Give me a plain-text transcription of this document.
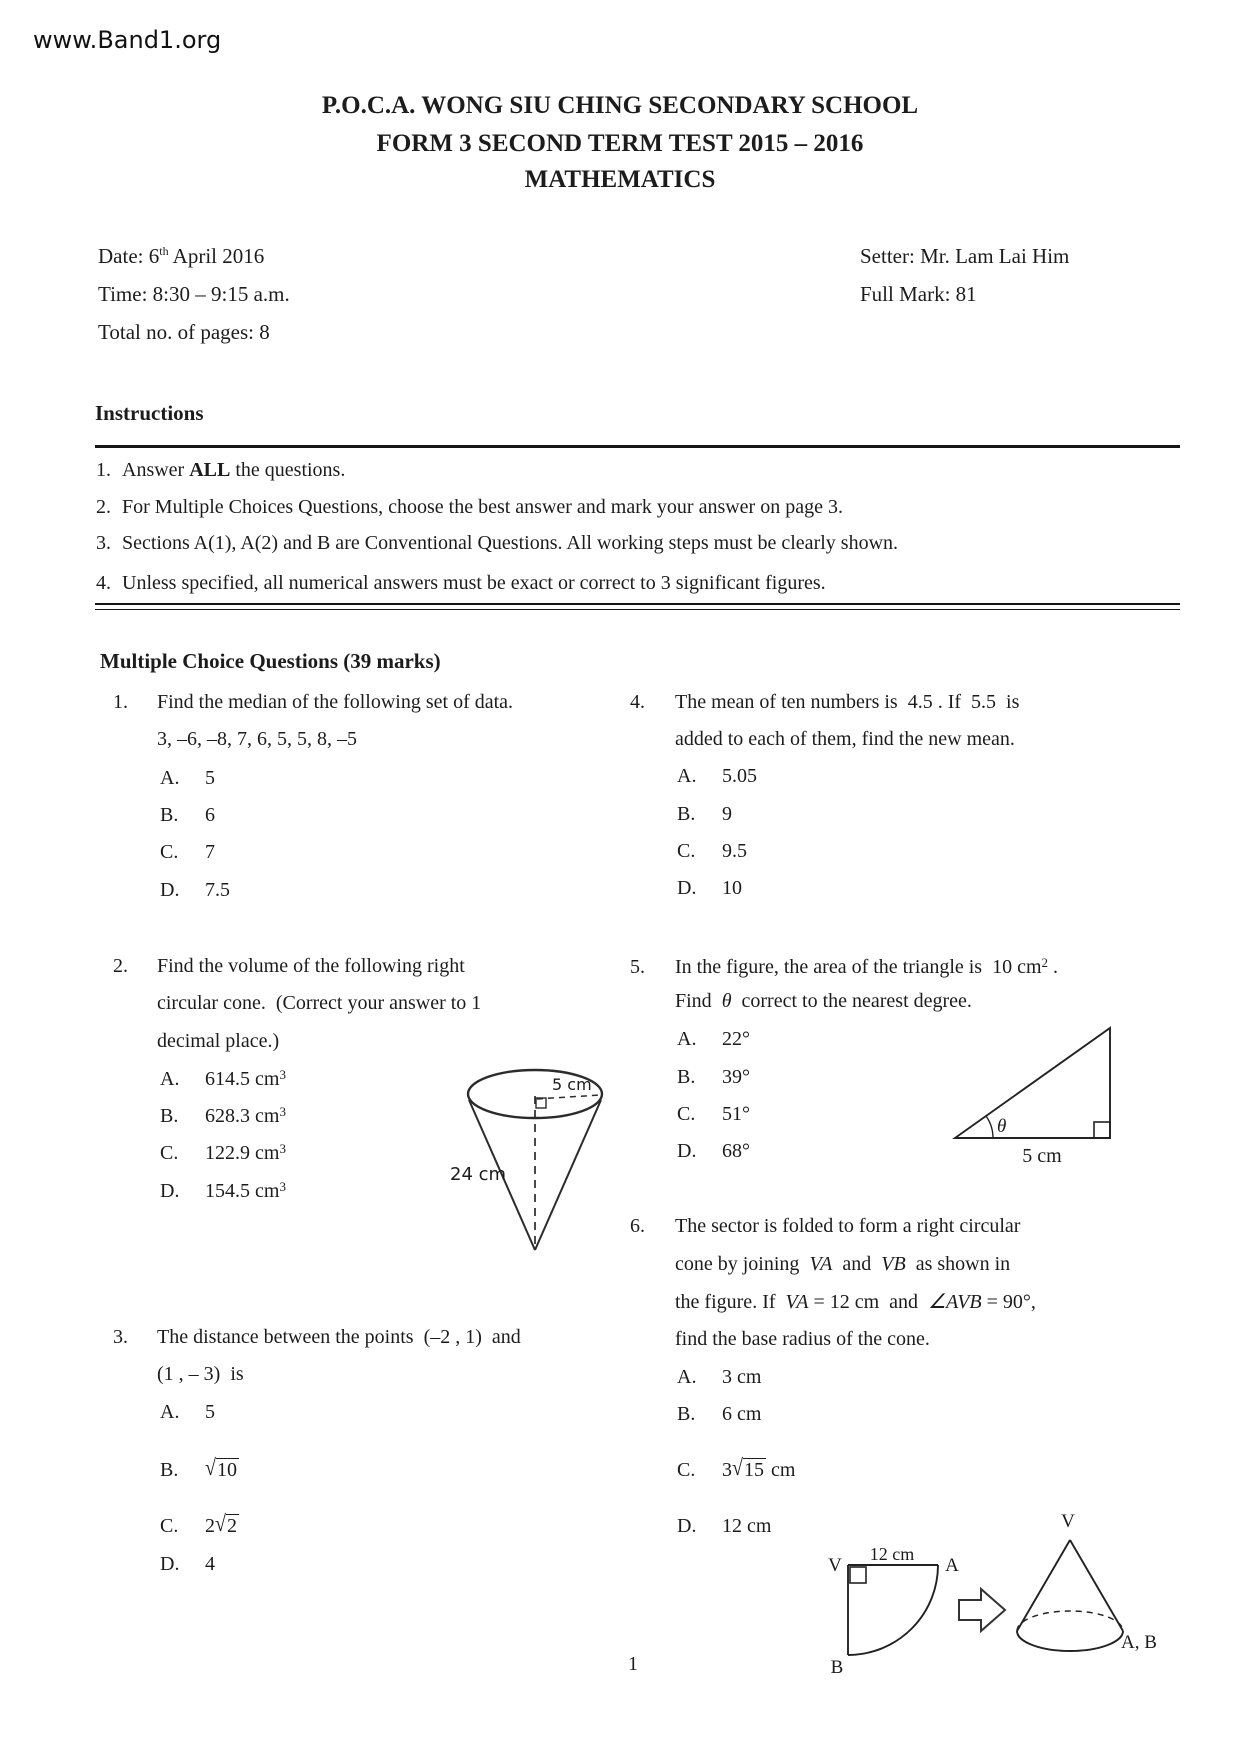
www.Band1.org
P.O.C.A. WONG SIU CHING SECONDARY SCHOOL
FORM 3 SECOND TERM TEST 2015 – 2016
MATHEMATICS
Date: 6th April 2016
Time: 8:30 – 9:15 a.m.
Total no. of pages: 8
Setter: Mr. Lam Lai Him
Full Mark: 81
Instructions
1. Answer ALL the questions.
2. For Multiple Choices Questions, choose the best answer and mark your answer on page 3.
3. Sections A(1), A(2) and B are Conventional Questions. All working steps must be clearly shown.
4. Unless specified, all numerical answers must be exact or correct to 3 significant figures.
Multiple Choice Questions (39 marks)
1. Find the median of the following set of data.
3, –6, –8, 7, 6, 5, 5, 8, –5
A. 5
B. 6
C. 7
D. 7.5
2. Find the volume of the following right
circular cone.  (Correct your answer to 1
decimal place.)
A. 614.5 $cm^3$
B. 628.3 $cm^3$
C. 122.9 $cm^3$
D. 154.5 $cm^3$
5 cm
24 cm
3. The distance between the points  (–2 , 1)  and
(1 , – 3)  is
A. 5
B. √10
C. 2√2
D. 4
4. The mean of ten numbers is  4.5 . If  5.5  is
added to each of them, find the new mean.
A. 5.05
B. 9
C. 9.5
D. 10
5. In the figure, the area of the triangle is  10 $cm^2$ .
Find  θ  correct to the nearest degree.
A. 22°
B. 39°
C. 51°
D. 68°
θ
5 cm
6. The sector is folded to form a right circular
cone by joining  VA  and  VB  as shown in
the figure. If  VA = 12 cm  and  ∠AVB = 90°,
find the base radius of the cone.
A. 3 cm
B. 6 cm
C. 3√15 cm
D. 12 cm
V	A
B
12 cm
V
A, B
1
